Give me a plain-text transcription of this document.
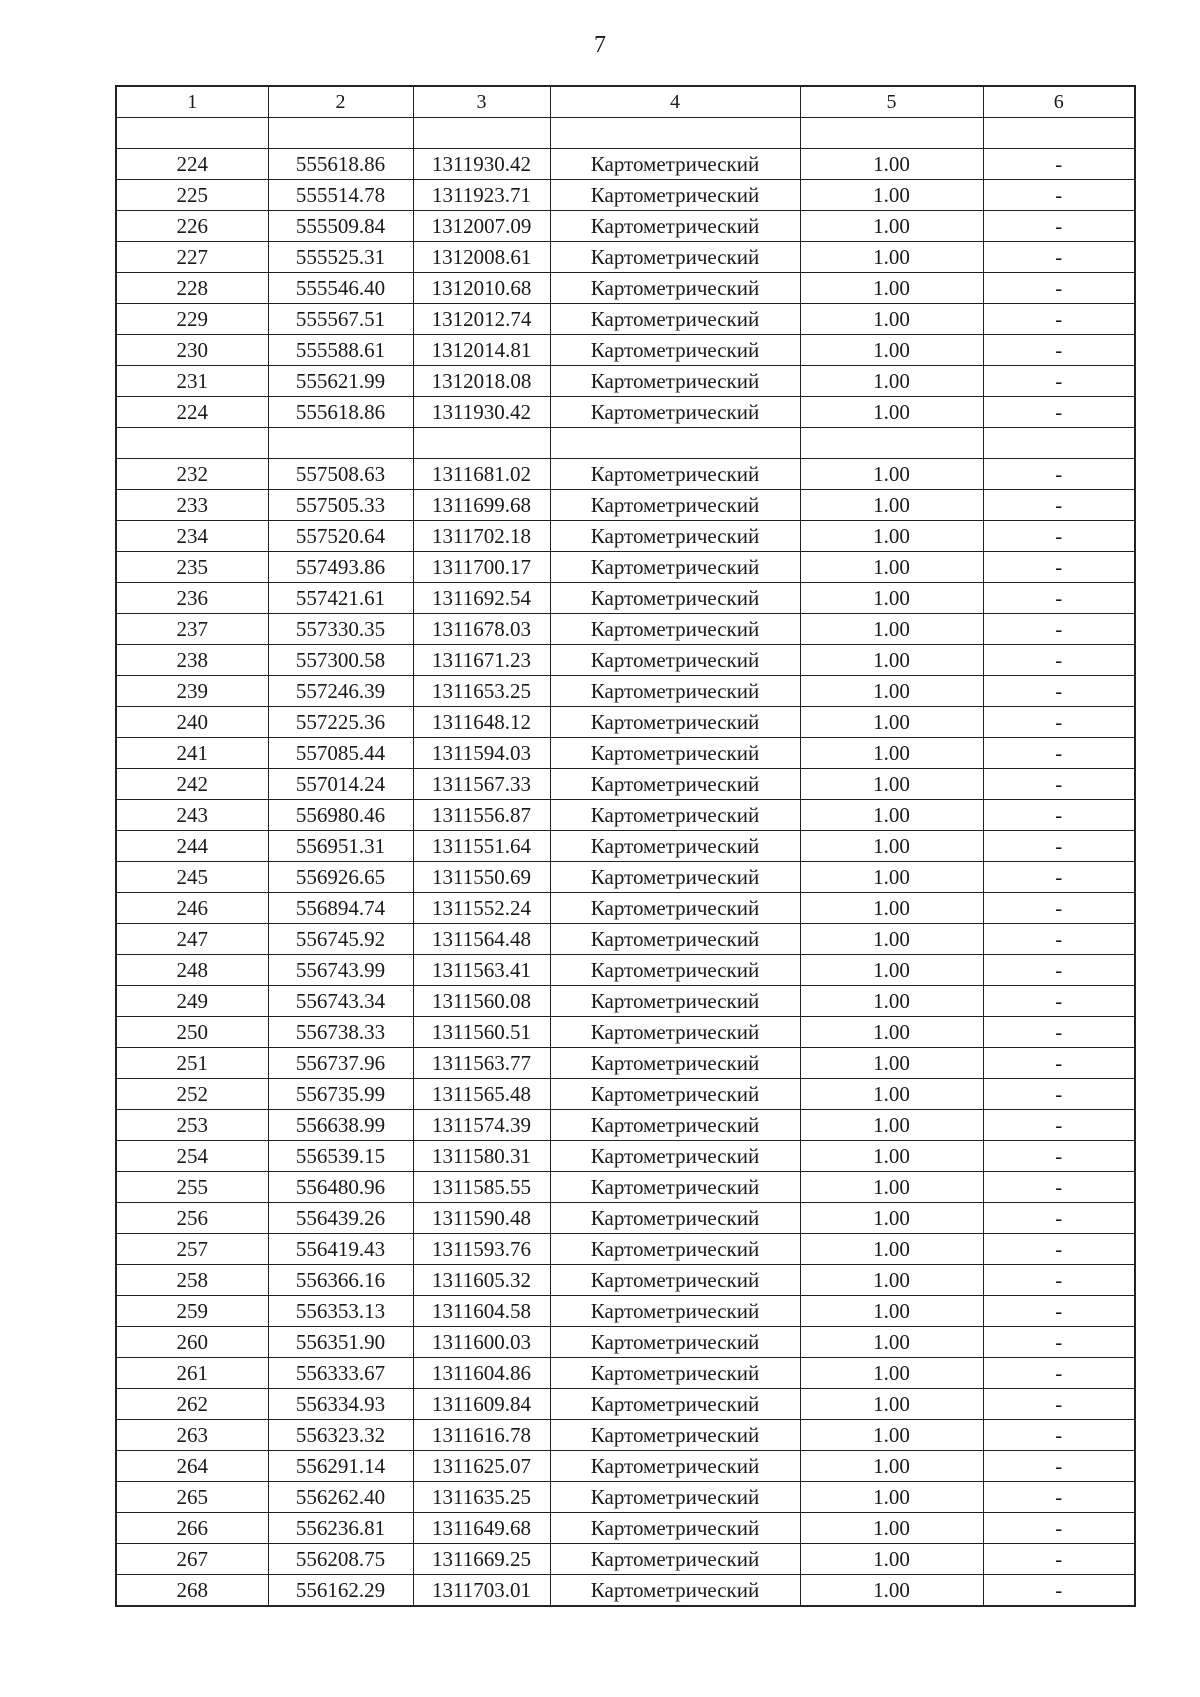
7
1	2	3	4	5	6

224	555618.86	1311930.42	Картометрический	1.00	-
225	555514.78	1311923.71	Картометрический	1.00	-
226	555509.84	1312007.09	Картометрический	1.00	-
227	555525.31	1312008.61	Картометрический	1.00	-
228	555546.40	1312010.68	Картометрический	1.00	-
229	555567.51	1312012.74	Картометрический	1.00	-
230	555588.61	1312014.81	Картометрический	1.00	-
231	555621.99	1312018.08	Картометрический	1.00	-
224	555618.86	1311930.42	Картометрический	1.00	-

232	557508.63	1311681.02	Картометрический	1.00	-
233	557505.33	1311699.68	Картометрический	1.00	-
234	557520.64	1311702.18	Картометрический	1.00	-
235	557493.86	1311700.17	Картометрический	1.00	-
236	557421.61	1311692.54	Картометрический	1.00	-
237	557330.35	1311678.03	Картометрический	1.00	-
238	557300.58	1311671.23	Картометрический	1.00	-
239	557246.39	1311653.25	Картометрический	1.00	-
240	557225.36	1311648.12	Картометрический	1.00	-
241	557085.44	1311594.03	Картометрический	1.00	-
242	557014.24	1311567.33	Картометрический	1.00	-
243	556980.46	1311556.87	Картометрический	1.00	-
244	556951.31	1311551.64	Картометрический	1.00	-
245	556926.65	1311550.69	Картометрический	1.00	-
246	556894.74	1311552.24	Картометрический	1.00	-
247	556745.92	1311564.48	Картометрический	1.00	-
248	556743.99	1311563.41	Картометрический	1.00	-
249	556743.34	1311560.08	Картометрический	1.00	-
250	556738.33	1311560.51	Картометрический	1.00	-
251	556737.96	1311563.77	Картометрический	1.00	-
252	556735.99	1311565.48	Картометрический	1.00	-
253	556638.99	1311574.39	Картометрический	1.00	-
254	556539.15	1311580.31	Картометрический	1.00	-
255	556480.96	1311585.55	Картометрический	1.00	-
256	556439.26	1311590.48	Картометрический	1.00	-
257	556419.43	1311593.76	Картометрический	1.00	-
258	556366.16	1311605.32	Картометрический	1.00	-
259	556353.13	1311604.58	Картометрический	1.00	-
260	556351.90	1311600.03	Картометрический	1.00	-
261	556333.67	1311604.86	Картометрический	1.00	-
262	556334.93	1311609.84	Картометрический	1.00	-
263	556323.32	1311616.78	Картометрический	1.00	-
264	556291.14	1311625.07	Картометрический	1.00	-
265	556262.40	1311635.25	Картометрический	1.00	-
266	556236.81	1311649.68	Картометрический	1.00	-
267	556208.75	1311669.25	Картометрический	1.00	-
268	556162.29	1311703.01	Картометрический	1.00	-
